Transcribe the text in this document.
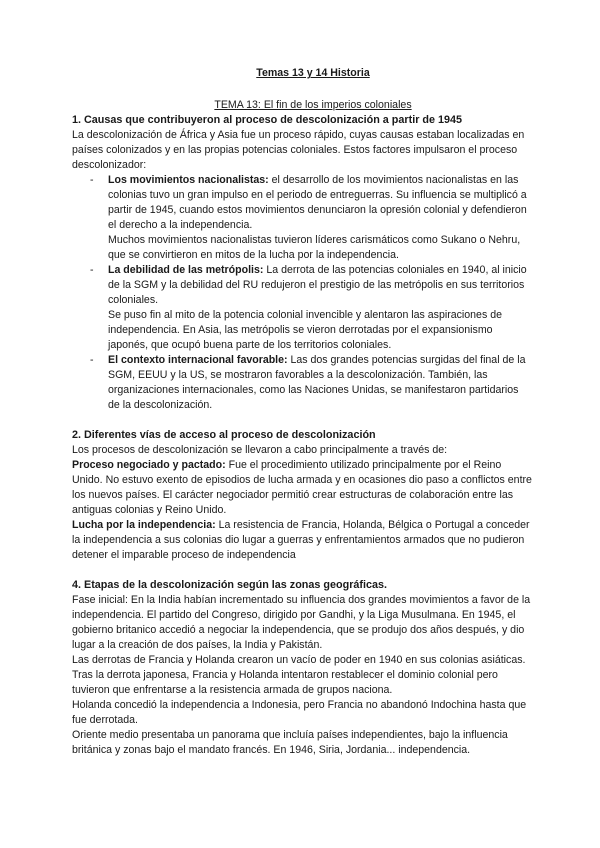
Temas 13 y 14 Historia

TEMA 13: El fin de los imperios coloniales

1. Causas que contribuyeron al proceso de descolonización a partir de 1945

La descolonización de África y Asia fue un proceso rápido, cuyas causas estaban localizadas en países colonizados y en las propias potencias coloniales. Estos factores impulsaron el proceso descolonizador:

- Los movimientos nacionalistas: el desarrollo de los movimientos nacionalistas en las colonias tuvo un gran impulso en el periodo de entreguerras. Su influencia se multiplicó a partir de 1945, cuando estos movimientos denunciaron la opresión colonial y defendieron el derecho a la independencia.

Muchos movimientos nacionalistas tuvieron líderes carismáticos como Sukano o Nehru, que se convirtieron en mitos de la lucha por la independencia.

- La debilidad de las metrópolis: La derrota de las potencias coloniales en 1940, al inicio de la SGM y la debilidad del RU redujeron el prestigio de las metrópolis en sus territorios coloniales.

Se puso fin al mito de la potencia colonial invencible y alentaron las aspiraciones de independencia. En Asia, las metrópolis se vieron derrotadas por el expansionismo japonés, que ocupó buena parte de los territorios coloniales.

- El contexto internacional favorable: Las dos grandes potencias surgidas del final de la SGM, EEUU y la US, se mostraron favorables a la descolonización. También, las organizaciones internacionales, como las Naciones Unidas, se manifestaron partidarios de la descolonización.

2. Diferentes vías de acceso al proceso de descolonización

Los procesos de descolonización se llevaron a cabo principalmente a través de:

Proceso negociado y pactado: Fue el procedimiento utilizado principalmente por el Reino Unido. No estuvo exento de episodios de lucha armada y en ocasiones dio paso a conflictos entre los nuevos países. El carácter negociador permitió crear estructuras de colaboración entre las antiguas colonias y Reino Unido.

Lucha por la independencia: La resistencia de Francia, Holanda, Bélgica o Portugal a conceder la independencia a sus colonias dio lugar a guerras y enfrentamientos armados que no pudieron detener el imparable proceso de independencia

4. Etapas de la descolonización según las zonas geográficas.

Fase inicial: En la India habían incrementado su influencia dos grandes movimientos a favor de la independencia. El partido del Congreso, dirigido por Gandhi, y la Liga Musulmana. En 1945, el gobierno britanico accedió a negociar la independencia, que se produjo dos años después, y dio lugar a la creación de dos países, la India y Pakistán.

Las derrotas de Francia y Holanda crearon un vacío de poder en 1940 en sus colonias asiáticas. Tras la derrota japonesa, Francia y Holanda intentaron restablecer el dominio colonial pero tuvieron que enfrentarse a la resistencia armada de grupos naciona.

Holanda concedió la independencia a Indonesia, pero Francia no abandonó Indochina hasta que fue derrotada.

Oriente medio presentaba un panorama que incluía países independientes, bajo la influencia británica y zonas bajo el mandato francés. En 1946, Siria, Jordania... independencia.
